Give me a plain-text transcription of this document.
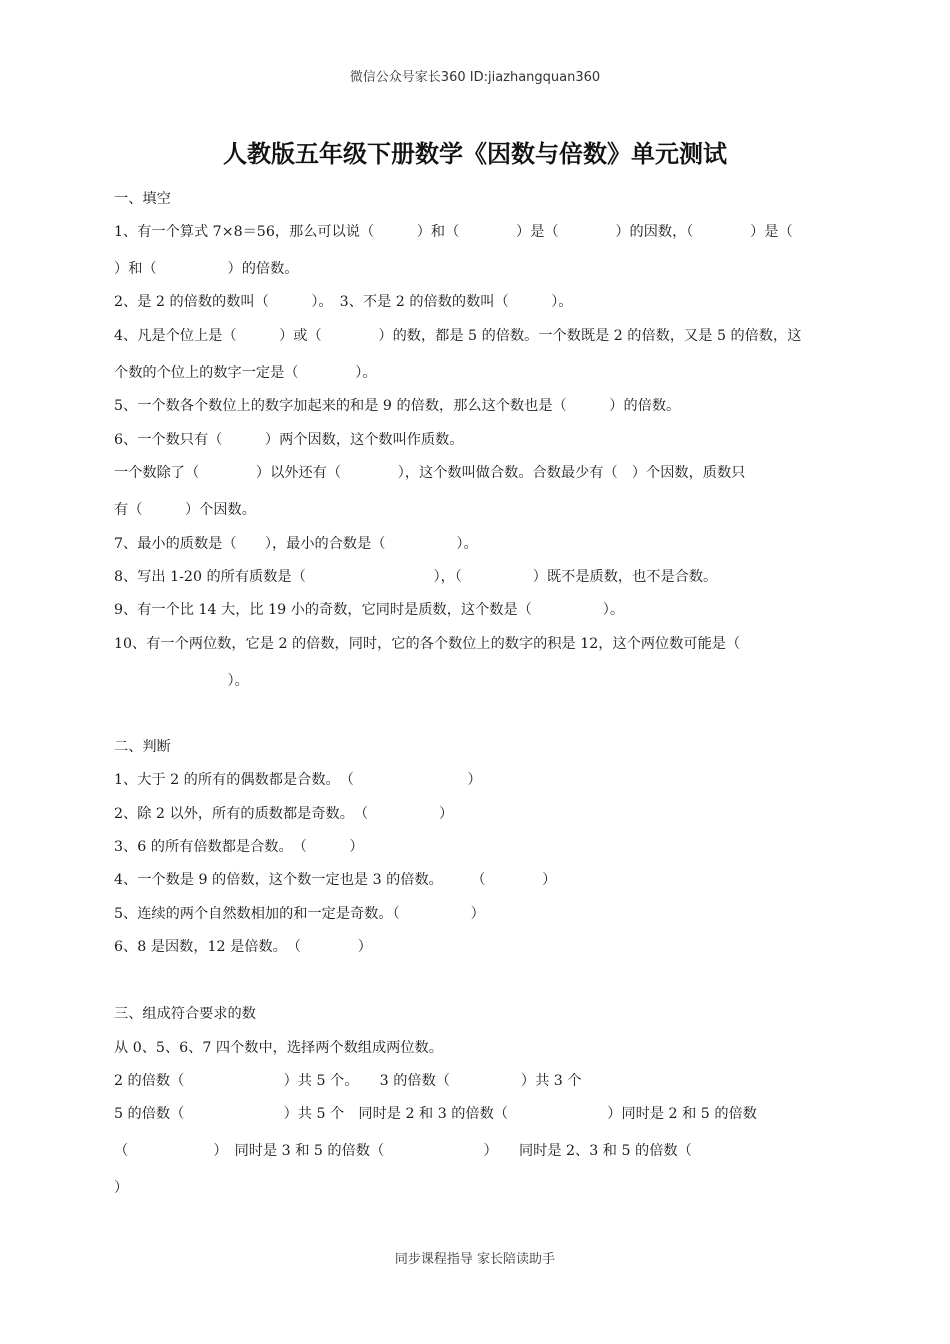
微信公众号家长360 ID:jiazhangquan360
人教版五年级下册数学《因数与倍数》单元测试
一、填空
1、有一个算式 7×8＝56，那么可以说（　　　）和（　　　　）是（　　　　）的因数，（　　　　）是（
）和（　　　　　）的倍数。
2、是 2 的倍数的数叫（　　　）。　3、不是 2 的倍数的数叫（　　　）。
4、凡是个位上是（　　　）或（　　　　）的数，都是 5 的倍数。一个数既是 2 的倍数，又是 5 的倍数，这
个数的个位上的数字一定是（　　　　）。
5、一个数各个数位上的数字加起来的和是 9 的倍数，那么这个数也是（　　　）的倍数。
6、一个数只有（　　　）两个因数，这个数叫作质数。
一个数除了（　　　　）以外还有（　　　　），这个数叫做合数。合数最少有（　）个因数，质数只
有（　　　）个因数。
7、最小的质数是（　　），最小的合数是（　　　　　）。
8、写出 1-20 的所有质数是（　　　　　　　　　），（　　　　　）既不是质数，也不是合数。
9、有一个比 14 大，比 19 小的奇数，它同时是质数，这个数是（　　　　　）。
10、有一个两位数，它是 2 的倍数，同时，它的各个数位上的数字的积是 12，这个两位数可能是（
　　　　　　　　）。
二、判断
1、大于 2 的所有的偶数都是合数。　（　　　　　　　　）
2、除 2 以外，所有的质数都是奇数。　（　　　　　）
3、6 的所有倍数都是合数。　（　　　）
4、一个数是 9 的倍数，这个数一定也是 3 的倍数。　　　（　　　　）
5、连续的两个自然数相加的和一定是奇数。（　　　　　）
6、8 是因数，12 是倍数。　（　　　　）
三、组成符合要求的数
从 0、5、6、7 四个数中，选择两个数组成两位数。
2 的倍数（　　　　　　　）共 5 个。　　3 的倍数（　　　　　）共 3 个
5 的倍数（　　　　　　　）共 5 个　同时是 2 和 3 的倍数（　　　　　　　）同时是 2 和 5 的倍数
（　　　　　　）　同时是 3 和 5 的倍数（　　　　　　　）　　同时是 2、3 和 5 的倍数（
）
同步课程指导 家长陪读助手
